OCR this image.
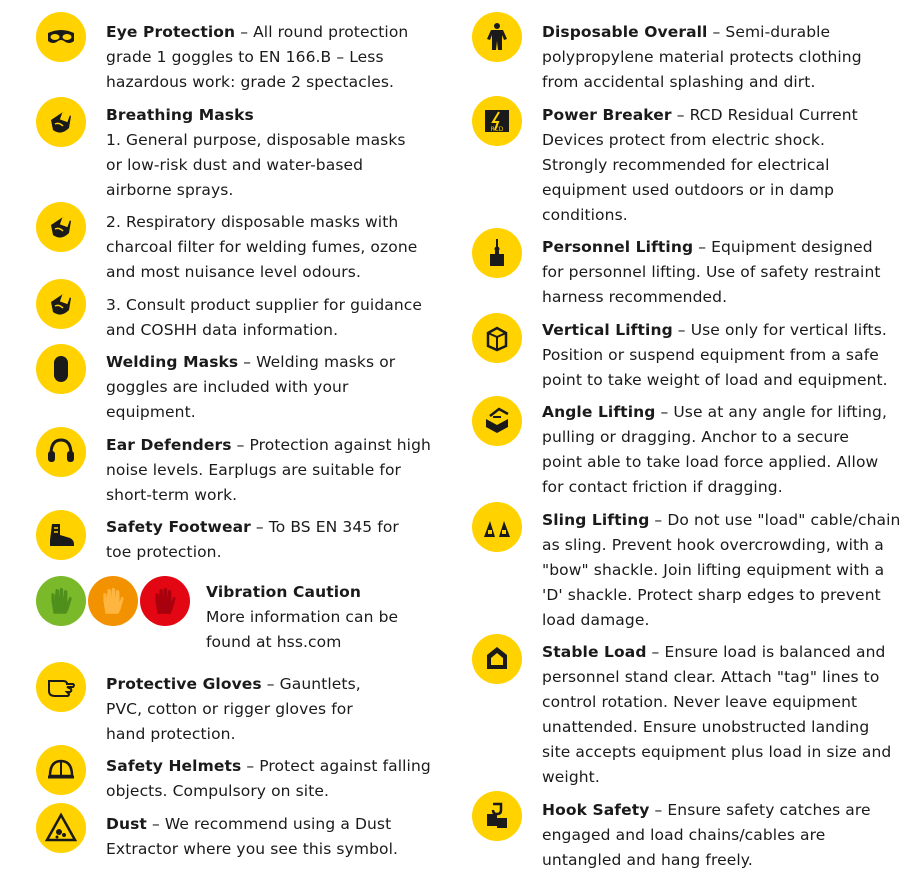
Eye Protection – All round protection grade 1 goggles to EN 166.B – Less hazardous work: grade 2 spectacles.
Breathing Masks
1. General purpose, disposable masks or low-risk dust and water-based airborne sprays.
2. Respiratory disposable masks with charcoal filter for welding fumes, ozone and most nuisance level odours.
3. Consult product supplier for guidance and COSHH data information.
Welding Masks – Welding masks or goggles are included with your equipment.
Ear Defenders – Protection against high noise levels. Earplugs are suitable for short-term work.
Safety Footwear – To BS EN 345 for toe protection.
Vibration Caution
More information can be found at hss.com
Protective Gloves – Gauntlets, PVC, cotton or rigger gloves for hand protection.
Safety Helmets – Protect against falling objects. Compulsory on site.
Dust – We recommend using a Dust Extractor where you see this symbol.
Disposable Overall – Semi-durable polypropylene material protects clothing from accidental splashing and dirt.
RCD
Power Breaker – RCD Residual Current Devices protect from electric shock. Strongly recommended for electrical equipment used outdoors or in damp conditions.
Personnel Lifting – Equipment designed for personnel lifting. Use of safety restraint harness recommended.
Vertical Lifting – Use only for vertical lifts. Position or suspend equipment from a safe point to take weight of load and equipment.
Angle Lifting – Use at any angle for lifting, pulling or dragging. Anchor to a secure point able to take load force applied. Allow for contact friction if dragging.
Sling Lifting – Do not use "load" cable/chain as sling. Prevent hook overcrowding, with a "bow" shackle. Join lifting equipment with a 'D' shackle. Protect sharp edges to prevent load damage.
Stable Load – Ensure load is balanced and personnel stand clear. Attach "tag" lines to control rotation. Never leave equipment unattended. Ensure unobstructed landing site accepts equipment plus load in size and weight.
Hook Safety – Ensure safety catches are engaged and load chains/cables are untangled and hang freely.
